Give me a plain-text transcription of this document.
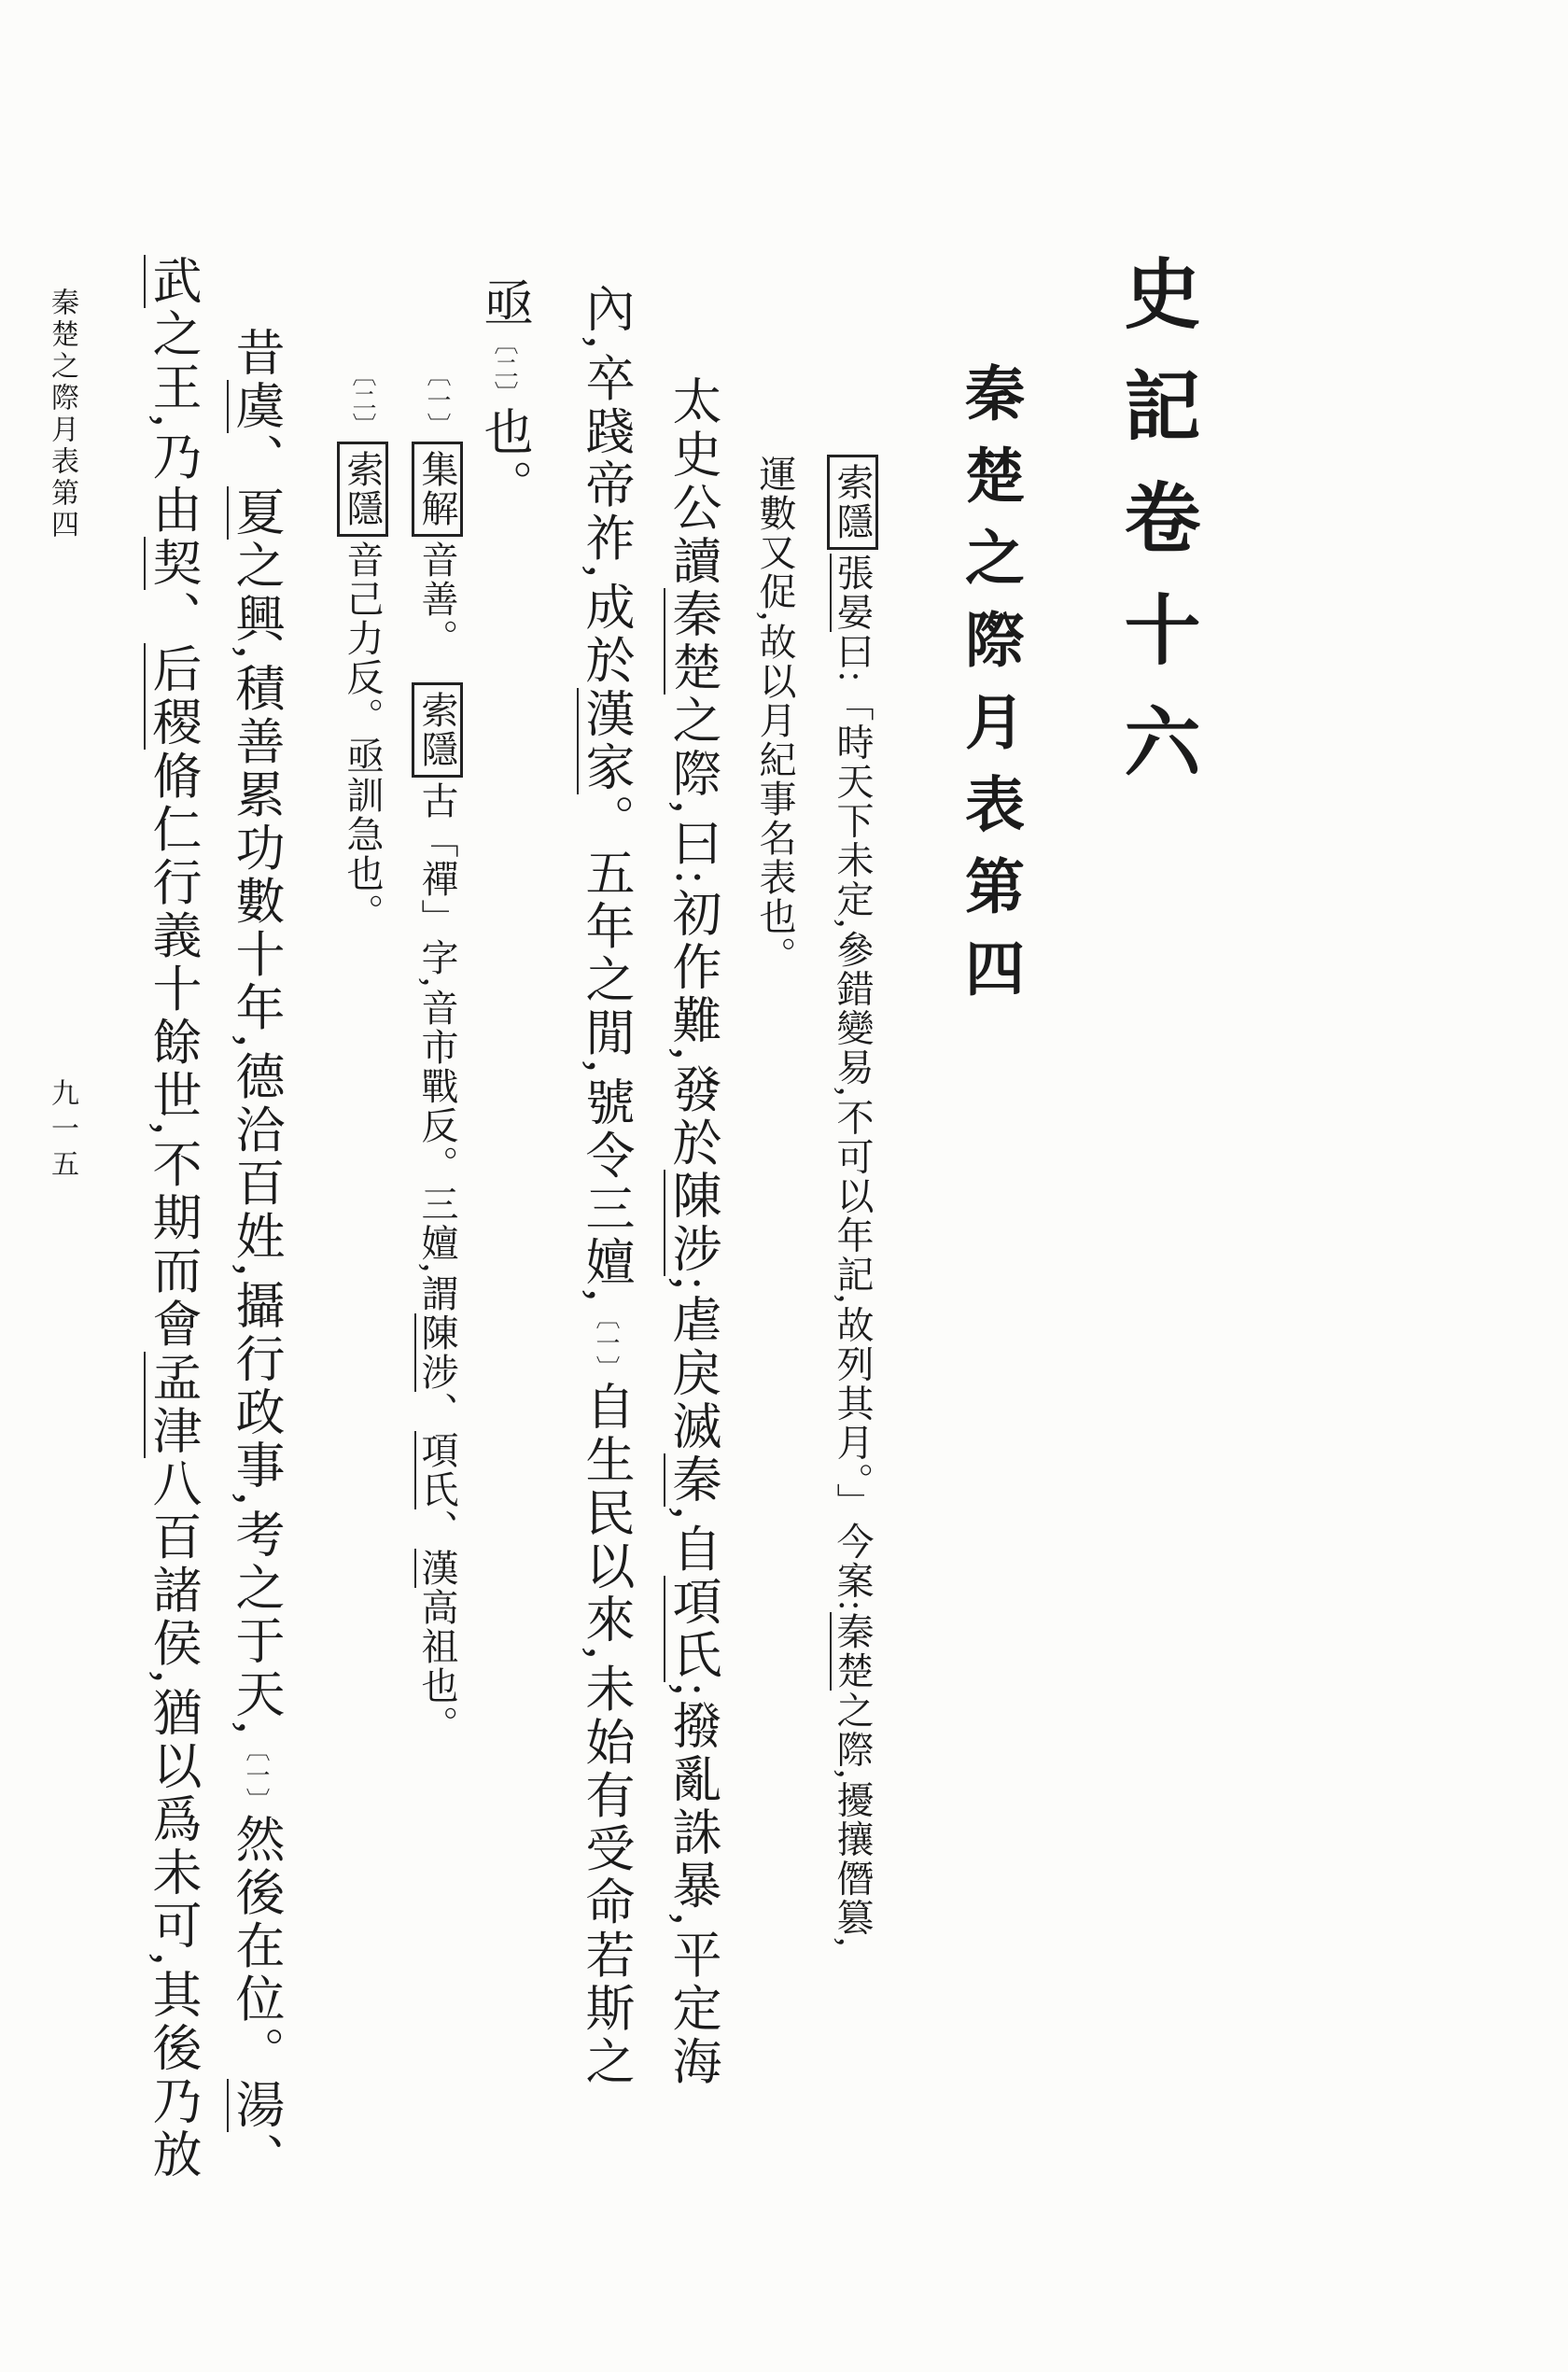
史記卷十六
秦楚之際月表第四
索隱張晏曰:「時天下未定,參錯變易,不可以年記,故列其月。」今案:秦楚之際,擾攘僭篡,
運數又促,故以月紀事名表也。
太史公讀秦楚之際,曰:初作難,發於陳涉;虐戾滅秦,自項氏;撥亂誅暴,平定海
內,卒踐帝祚,成於漢家。五年之閒,號令三嬗,〔一〕自生民以來,未始有受命若斯之
亟〔二〕也。
〔一〕集解音善。　索隱古「禪」字,音市戰反。三嬗,謂陳涉、項氏、漢高祖也。
〔二〕索隱音己力反。亟訓急也。
昔虞、夏之興,積善累功數十年,德洽百姓,攝行政事,考之于天,〔一〕然後在位。湯、
武之王,乃由契、后稷脩仁行義十餘世,不期而會孟津八百諸侯,猶以爲未可,其後乃放
秦楚之際月表第四
九一五
